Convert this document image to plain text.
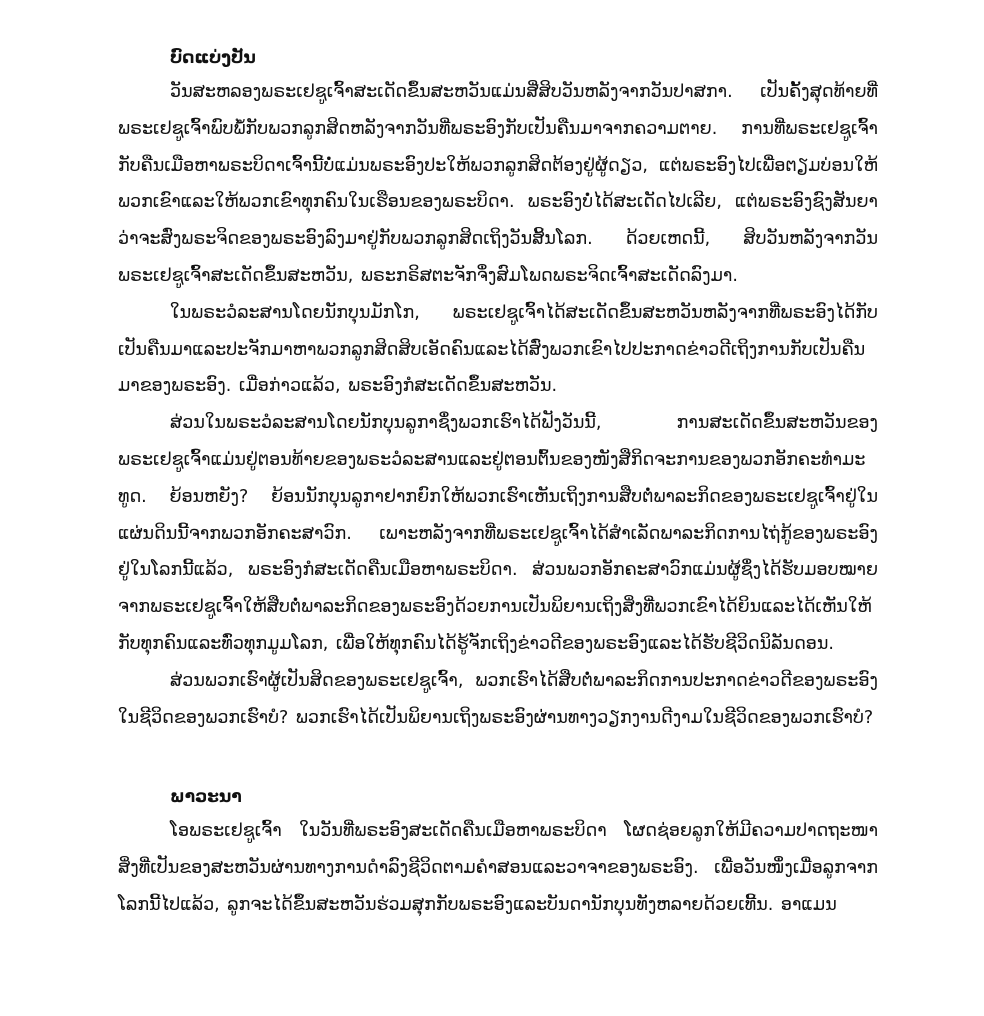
ບົດແບ່ງປັນ

ວັນສະຫລອງພຣະເຢຊູເຈົ້າສະເດັດຂຶ້ນສະຫວັນແມ່ນສີ່ສິບວັນຫລັງຈາກວັນປາສກາ. ເປັນຄັ້ງສຸດທ້າຍທີ່ພຣະເຢຊູເຈົ້າພົບພໍ້ກັບພວກລູກສິດຫລັງຈາກວັນທີ່ພຣະອົງກັບເປັນຄືນມາຈາກຄວາມຕາຍ. ການທີ່ພຣະເຢຊູເຈົ້າກັບຄືນເມືອຫາພຣະບິດາເຈົ້ານີ້ບໍ່ແມ່ນພຣະອົງປະໃຫ້ພວກລູກສິດຕ້ອງຢູ່ຜູ້ດຽວ, ແຕ່ພຣະອົງໄປເພື່ອຕຽມບ່ອນໃຫ້ພວກເຂົາແລະໃຫ້ພວກເຂົາທຸກຄົນໃນເຮືອນຂອງພຣະບິດາ. ພຣະອົງບໍ່ໄດ້ສະເດັດໄປເລີຍ, ແຕ່ພຣະອົງຊົງສັນຍາວ່າຈະສົ່ງພຣະຈິດຂອງພຣະອົງລົງມາຢູ່ກັບພວກລູກສິດເຖິງວັນສິ້ນໂລກ. ດ້ວຍເຫດນີ້, ສິບວັນຫລັງຈາກວັນພຣະເຢຊູເຈົ້າສະເດັດຂຶ້ນສະຫວັນ, ພຣະກຣິສຕະຈັກຈຶ່ງສົມໂພດພຣະຈິດເຈົ້າສະເດັດລົງມາ.

ໃນພຣະວໍລະສານໂດຍນັກບຸນມັກໂກ, ພຣະເຢຊູເຈົ້າໄດ້ສະເດັດຂຶ້ນສະຫວັນຫລັງຈາກທີ່ພຣະອົງໄດ້ກັບເປັນຄືນມາແລະປະຈັກມາຫາພວກລູກສິດສິບເອັດຄົນແລະໄດ້ສົ່ງພວກເຂົາໄປປະກາດຂ່າວດີເຖິງການກັບເປັນຄືນມາຂອງພຣະອົງ. ເມື່ອກ່າວແລ້ວ, ພຣະອົງກໍສະເດັດຂຶ້ນສະຫວັນ.

ສ່ວນໃນພຣະວໍລະສານໂດຍນັກບຸນລູກາຊຶ່ງພວກເຮົາໄດ້ຟັງວັນນີ້, ການສະເດັດຂຶ້ນສະຫວັນຂອງພຣະເຢຊູເຈົ້າແມ່ນຢູ່ຕອນທ້າຍຂອງພຣະວໍລະສານແລະຢູ່ຕອນຕົ້ນຂອງໜັງສືກິດຈະການຂອງພວກອັກຄະທຳມະທູດ. ຍ້ອນຫຍັງ? ຍ້ອນນັກບຸນລູກາຢາກຍົກໃຫ້ພວກເຮົາເຫັນເຖິງການສືບຕໍ່ພາລະກິດຂອງພຣະເຢຊູເຈົ້າຢູ່ໃນແຜ່ນດິນນີ້ຈາກພວກອັກຄະສາວົກ. ເພາະຫລັງຈາກທີ່ພຣະເຢຊູເຈົ້າໄດ້ສຳເລັດພາລະກິດການໄຖ່ກູ້ຂອງພຣະອົງຢູ່ໃນໂລກນີ້ແລ້ວ, ພຣະອົງກໍສະເດັດຄືນເມືອຫາພຣະບິດາ. ສ່ວນພວກອັກຄະສາວົກແມ່ນຜູ້ຊຶ່ງໄດ້ຮັບມອບໝາຍຈາກພຣະເຢຊູເຈົ້າໃຫ້ສືບຕໍ່ພາລະກິດຂອງພຣະອົງດ້ວຍການເປັນພິຍານເຖິງສິ່ງທີ່ພວກເຂົາໄດ້ຍິນແລະໄດ້ເຫັນໃຫ້ກັບທຸກຄົນແລະທົ່ວທຸກມູມໂລກ, ເພື່ອໃຫ້ທຸກຄົນໄດ້ຮູ້ຈັກເຖິງຂ່າວດີຂອງພຣະອົງແລະໄດ້ຮັບຊີວິດນິລັນດອນ.

ສ່ວນພວກເຮົາຜູ້ເປັນສິດຂອງພຣະເຢຊູເຈົ້າ, ພວກເຮົາໄດ້ສືບຕໍ່ພາລະກິດການປະກາດຂ່າວດີຂອງພຣະອົງໃນຊີວິດຂອງພວກເຮົາບໍ? ພວກເຮົາໄດ້ເປັນພິຍານເຖິງພຣະອົງຜ່ານທາງວຽກງານດີງາມໃນຊີວິດຂອງພວກເຮົາບໍ?

ພາວະນາ

ໂອພຣະເຢຊູເຈົ້າ ໃນວັນທີ່ພຣະອົງສະເດັດຄືນເມືອຫາພຣະບິດາ ໂຜດຊ່ອຍລູກໃຫ້ມີຄວາມປາດຖະໜາສິ່ງທີ່ເປັນຂອງສະຫວັນຜ່ານທາງການດຳລົງຊີວິດຕາມຄຳສອນແລະວາຈາຂອງພຣະອົງ. ເພື່ອວັນໜຶ່ງເມື່ອລູກຈາກໂລກນີ້ໄປແລ້ວ, ລູກຈະໄດ້ຂຶ້ນສະຫວັນຮ່ວມສຸກກັບພຣະອົງແລະບັນດານັກບຸນທັງຫລາຍດ້ວຍເທີ້ນ. ອາແມນ
